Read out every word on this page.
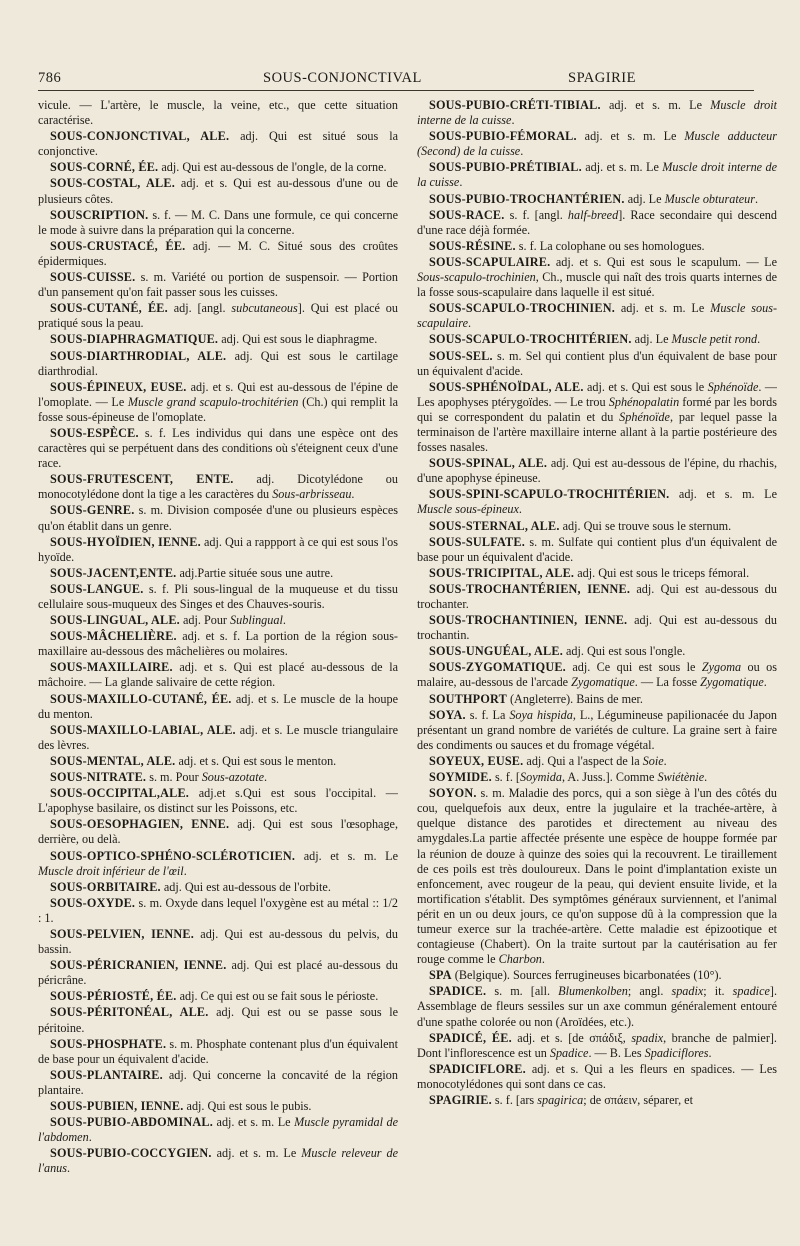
786	SOUS-CONJONCTIVAL	SPAGIRIE

vicule. — L'artère, le muscle, la veine, etc., que cette situation caractérise.

SOUS-CONJONCTIVAL, ALE. adj. Qui est situé sous la conjonctive.

SOUS-CORNÉ, ÉE. adj. Qui est au-dessous de l'ongle, de la corne.

SOUS-COSTAL, ALE. adj. et s. Qui est au-dessous d'une ou de plusieurs côtes.

SOUSCRIPTION. s. f. — M. C. Dans une formule, ce qui concerne le mode à suivre dans la préparation qui la concerne.

SOUS-CRUSTACÉ, ÉE. adj. — M. C. Situé sous des croûtes épidermiques.

SOUS-CUISSE. s. m. Variété ou portion de suspensoir. — Portion d'un pansement qu'on fait passer sous les cuisses.

SOUS-CUTANÉ, ÉE. adj. [angl. subcutaneous]. Qui est placé ou pratiqué sous la peau.

SOUS-DIAPHRAGMATIQUE. adj. Qui est sous le diaphragme.

SOUS-DIARTHRODIAL, ALE. adj. Qui est sous le cartilage diarthrodial.

SOUS-ÉPINEUX, EUSE. adj. et s. Qui est au-dessous de l'épine de l'omoplate. — Le Muscle grand scapulo-trochitérien (Ch.) qui remplit la fosse sous-épineuse de l'omoplate.

SOUS-ESPÈCE. s. f. Les individus qui dans une espèce ont des caractères qui se perpétuent dans des conditions où s'éteignent ceux d'une race.

SOUS-FRUTESCENT, ENTE. adj. Dicotylédone ou monocotylédone dont la tige a les caractères du Sous-arbrisseau.

SOUS-GENRE. s. m. Division composée d'une ou plusieurs espèces qu'on établit dans un genre.

SOUS-HYOÏDIEN, IENNE. adj. Qui a rappport à ce qui est sous l'os hyoïde.

SOUS-JACENT,ENTE. adj.Partie située sous une autre.

SOUS-LANGUE. s. f. Pli sous-lingual de la muqueuse et du tissu cellulaire sous-muqueux des Singes et des Chauves-souris.

SOUS-LINGUAL, ALE. adj. Pour Sublingual.

SOUS-MÂCHELIÈRE. adj. et s. f. La portion de la région sous-maxillaire au-dessous des mâchelières ou molaires.

SOUS-MAXILLAIRE. adj. et s. Qui est placé au-dessous de la mâchoire. — La glande salivaire de cette région.

SOUS-MAXILLO-CUTANÉ, ÉE. adj. et s. Le muscle de la houpe du menton.

SOUS-MAXILLO-LABIAL, ALE. adj. et s. Le muscle triangulaire des lèvres.

SOUS-MENTAL, ALE. adj. et s. Qui est sous le menton.

SOUS-NITRATE. s. m. Pour Sous-azotate.

SOUS-OCCIPITAL,ALE. adj.et s.Qui est sous l'occipital. — L'apophyse basilaire, os distinct sur les Poissons, etc.

SOUS-OESOPHAGIEN, ENNE. adj. Qui est sous l'œsophage, derrière, ou delà.

SOUS-OPTICO-SPHÉNO-SCLÉROTICIEN. adj. et s. m. Le Muscle droit inférieur de l'œil.

SOUS-ORBITAIRE. adj. Qui est au-dessous de l'orbite.

SOUS-OXYDE. s. m. Oxyde dans lequel l'oxygène est au métal :: 1/2 : 1.

SOUS-PELVIEN, IENNE. adj. Qui est au-dessous du pelvis, du bassin.

SOUS-PÉRICRANIEN, IENNE. adj. Qui est placé au-dessous du péricrâne.

SOUS-PÉRIOSTÉ, ÉE. adj. Ce qui est ou se fait sous le périoste.

SOUS-PÉRITONÉAL, ALE. adj. Qui est ou se passe sous le péritoine.

SOUS-PHOSPHATE. s. m. Phosphate contenant plus d'un équivalent de base pour un équivalent d'acide.

SOUS-PLANTAIRE. adj. Qui concerne la concavité de la région plantaire.

SOUS-PUBIEN, IENNE. adj. Qui est sous le pubis.

SOUS-PUBIO-ABDOMINAL. adj. et s. m. Le Muscle pyramidal de l'abdomen.

SOUS-PUBIO-COCCYGIEN. adj. et s. m. Le Muscle releveur de l'anus.

SOUS-PUBIO-CRÉTI-TIBIAL. adj. et s. m. Le Muscle droit interne de la cuisse.

SOUS-PUBIO-FÉMORAL. adj. et s. m. Le Muscle adducteur (Second) de la cuisse.

SOUS-PUBIO-PRÉTIBIAL. adj. et s. m. Le Muscle droit interne de la cuisse.

SOUS-PUBIO-TROCHANTÉRIEN. adj. Le Muscle obturateur.

SOUS-RACE. s. f. [angl. half-breed]. Race secondaire qui descend d'une race déjà formée.

SOUS-RÉSINE. s. f. La colophane ou ses homologues.

SOUS-SCAPULAIRE. adj. et s. Qui est sous le scapulum. — Le Sous-scapulo-trochinien, Ch., muscle qui naît des trois quarts internes de la fosse sous-scapulaire dans laquelle il est situé.

SOUS-SCAPULO-TROCHINIEN. adj. et s. m. Le Muscle sous-scapulaire.

SOUS-SCAPULO-TROCHITÉRIEN. adj. Le Muscle petit rond.

SOUS-SEL. s. m. Sel qui contient plus d'un équivalent de base pour un équivalent d'acide.

SOUS-SPHÉNOÏDAL, ALE. adj. et s. Qui est sous le Sphénoïde. — Les apophyses ptérygoïdes. — Le trou Sphénopalatin formé par les bords qui se correspondent du palatin et du Sphénoïde, par lequel passe la terminaison de l'artère maxillaire interne allant à la partie postérieure des fosses nasales.

SOUS-SPINAL, ALE. adj. Qui est au-dessous de l'épine, du rhachis, d'une apophyse épineuse.

SOUS-SPINI-SCAPULO-TROCHITÉRIEN. adj. et s. m. Le Muscle sous-épineux.

SOUS-STERNAL, ALE. adj. Qui se trouve sous le sternum.

SOUS-SULFATE. s. m. Sulfate qui contient plus d'un équivalent de base pour un équivalent d'acide.

SOUS-TRICIPITAL, ALE. adj. Qui est sous le triceps fémoral.

SOUS-TROCHANTÉRIEN, IENNE. adj. Qui est au-dessous du trochanter.

SOUS-TROCHANTINIEN, IENNE. adj. Qui est au-dessous du trochantin.

SOUS-UNGUÉAL, ALE. adj. Qui est sous l'ongle.

SOUS-ZYGOMATIQUE. adj. Ce qui est sous le Zygoma ou os malaire, au-dessous de l'arcade Zygomatique. — La fosse Zygomatique.

SOUTHPORT (Angleterre). Bains de mer.

SOYA. s. f. La Soya hispida, L., Légumineuse papilionacée du Japon présentant un grand nombre de variétés de culture. La graine sert à faire des condiments ou sauces et du fromage végétal.

SOYEUX, EUSE. adj. Qui a l'aspect de la Soie.

SOYMIDE. s. f. [Soymida, A. Juss.]. Comme Swiétènie.

SOYON. s. m. Maladie des porcs, qui a son siège à l'un des côtés du cou, quelquefois aux deux, entre la jugulaire et la trachée-artère, à quelque distance des parotides et directement au niveau des amygdales.La partie affectée présente une espèce de houppe formée par la réunion de douze à quinze des soies qui la recouvrent. Le tiraillement de ces poils est très douloureux. Dans le point d'implantation existe un enfoncement, avec rougeur de la peau, qui devient ensuite livide, et la mortification s'établit. Des symptômes généraux surviennent, et l'animal périt en un ou deux jours, ce qu'on suppose dû à la compression que la tumeur exerce sur la trachée-artère. Cette maladie est épizootique et contagieuse (Chabert). On la traite surtout par la cautérisation au fer rouge comme le Charbon.

SPA (Belgique). Sources ferrugineuses bicarbonatées (10°).

SPADICE. s. m. [all. Blumenkolben; angl. spadix; it. spadice]. Assemblage de fleurs sessiles sur un axe commun généralement entouré d'une spathe colorée ou non (Aroïdées, etc.).

SPADICÉ, ÉE. adj. et s. [de σπάδιξ, spadix, branche de palmier]. Dont l'inflorescence est un Spadice. — B. Les Spadiciflores.

SPADICIFLORE. adj. et s. Qui a les fleurs en spadices. — Les monocotylédones qui sont dans ce cas.

SPAGIRIE. s. f. [ars spagirica; de σπάειν, séparer, et
